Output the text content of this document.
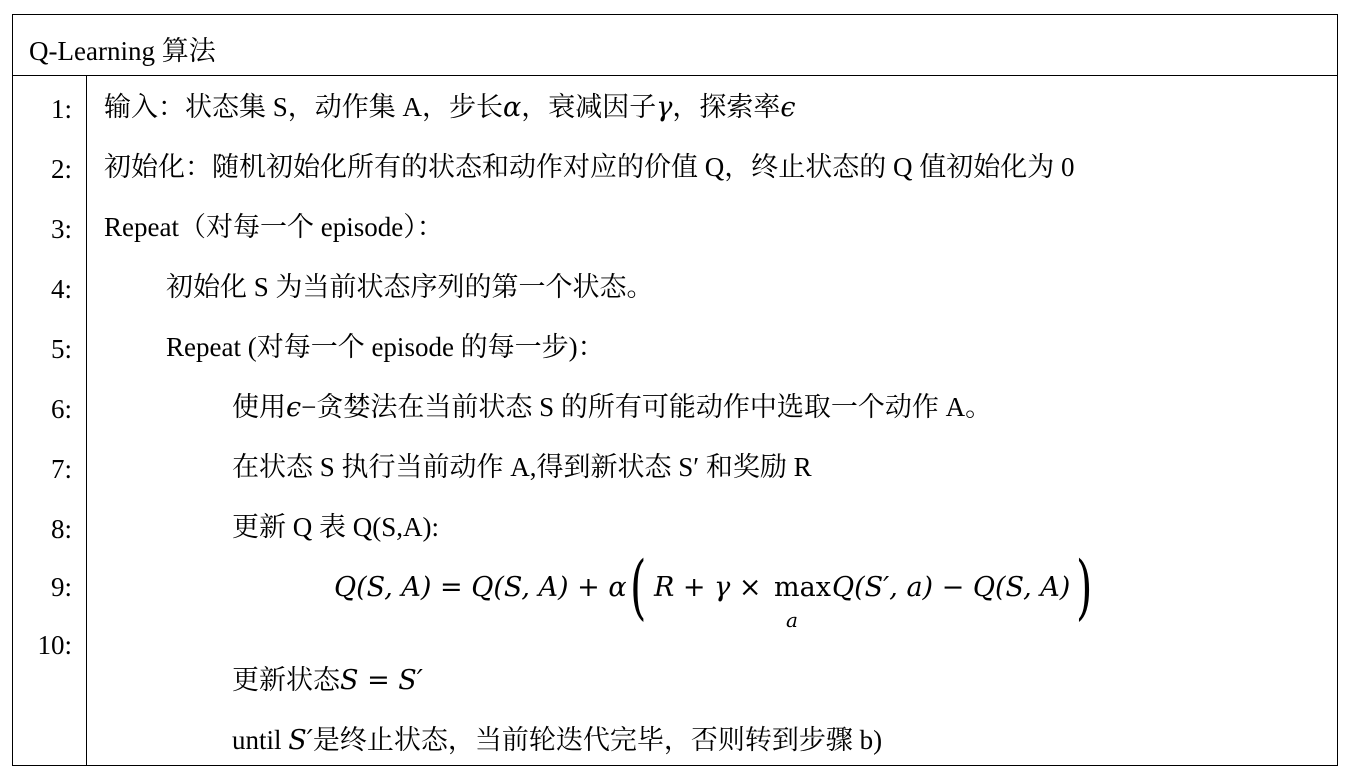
Q-Learning 算法
1:
2:
3:
4:
5:
6:
7:
8:
9:
10:
输入：状态集 S，动作集 A，步长α，衰减因子γ，探索率ϵ
初始化：随机初始化所有的状态和动作对应的价值 Q，终止状态的 Q 值初始化为 0
Repeat（对每一个 episode）：
初始化 S 为当前状态序列的第一个状态。
Repeat (对每一个 episode 的每一步)：
使用ϵ−贪婪法在当前状态 S 的所有可能动作中选取一个动作 A。
在状态 S 执行当前动作 A,得到新状态 S′ 和奖励 R
更新 Q 表 Q(S,A):
Q(S, A) = Q(S, A) + α ( R + γ × max
a
Q(S′, a) − Q(S, A) )
更新状态S = S′
until S′是终止状态，当前轮迭代完毕，否则转到步骤 b)
